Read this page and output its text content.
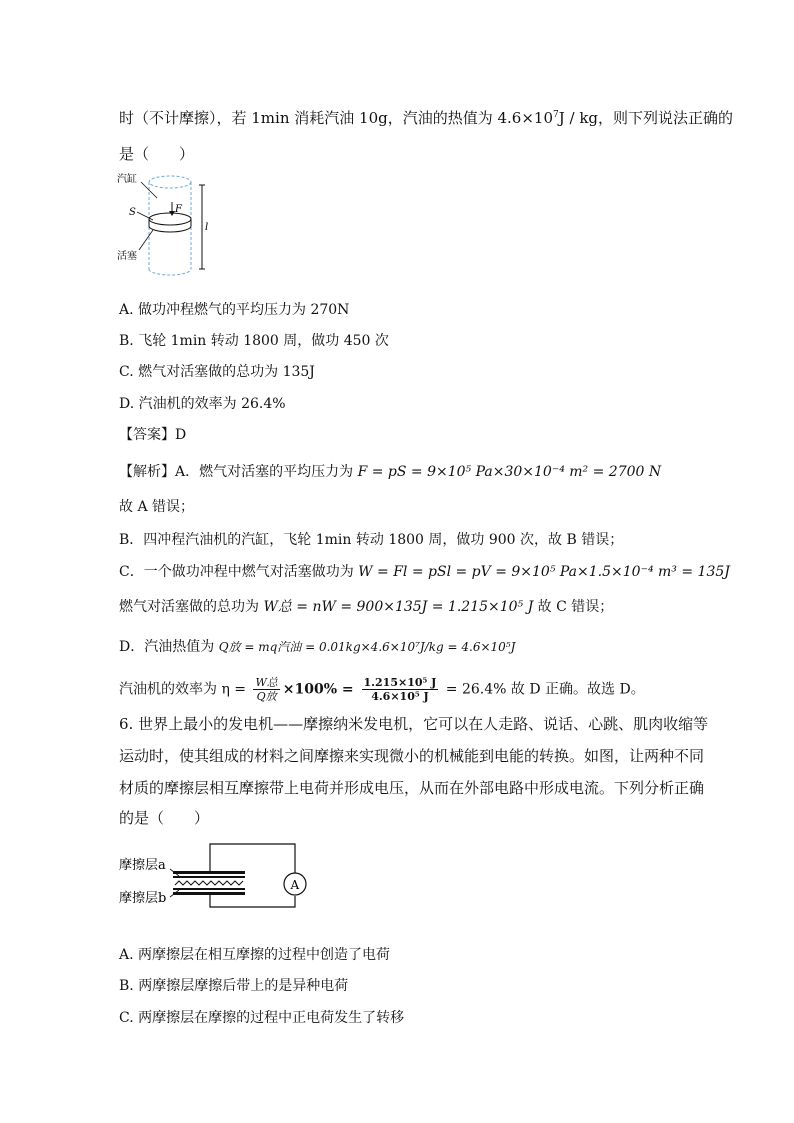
时（不计摩擦），若 1min 消耗汽油 10g，汽油的热值为 $4.6\times 10^7J$ / kg，则下列说法正确的
是（　　）
汽缸
S	F
l
活塞
A. 做功冲程燃气的平均压力为 270N
B. 飞轮 1min 转动 1800 周，做功 450 次
C. 燃气对活塞做的总功为 135J
D. 汽油机的效率为 26.4%
【答案】D
【解析】A．燃气对活塞的平均压力为 F = pS = 9×10⁵ Pa×30×10⁻⁴ m² = 2700 N
故 A 错误；
B．四冲程汽油机的汽缸，飞轮 1min 转动 1800 周，做功 900 次，故 B 错误；
C．一个做功冲程中燃气对活塞做功为 W = Fl = pSl = pV = 9×10⁵ Pa×1.5×10⁻⁴ m³ = 135J
燃气对活塞做的总功为 W总 = nW = 900×135J = 1.215×10⁵ J 故 C 错误；
D．汽油热值为 Q放 = mq汽油 = 0.01kg×4.6×10⁷J/kg = 4.6×10⁵J
汽油机的效率为 $\eta = \frac{\text{W总}}{\text{Q放}} \times 100\% = \frac{\text{1.215×10⁵ J}}{\text{4.6×10⁵ J}} = 26.4\%$ 故 D 正确。故选 D。
6. 世界上最小的发电机——摩擦纳米发电机，它可以在人走路、说话、心跳、肌肉收缩等
运动时，使其组成的材料之间摩擦来实现微小的机械能到电能的转换。如图，让两种不同
材质的摩擦层相互摩擦带上电荷并形成电压，从而在外部电路中形成电流。下列分析正确
的是（　　）
A
摩擦层a
摩擦层b
A. 两摩擦层在相互摩擦的过程中创造了电荷
B. 两摩擦层摩擦后带上的是异种电荷
C. 两摩擦层在摩擦的过程中正电荷发生了转移
